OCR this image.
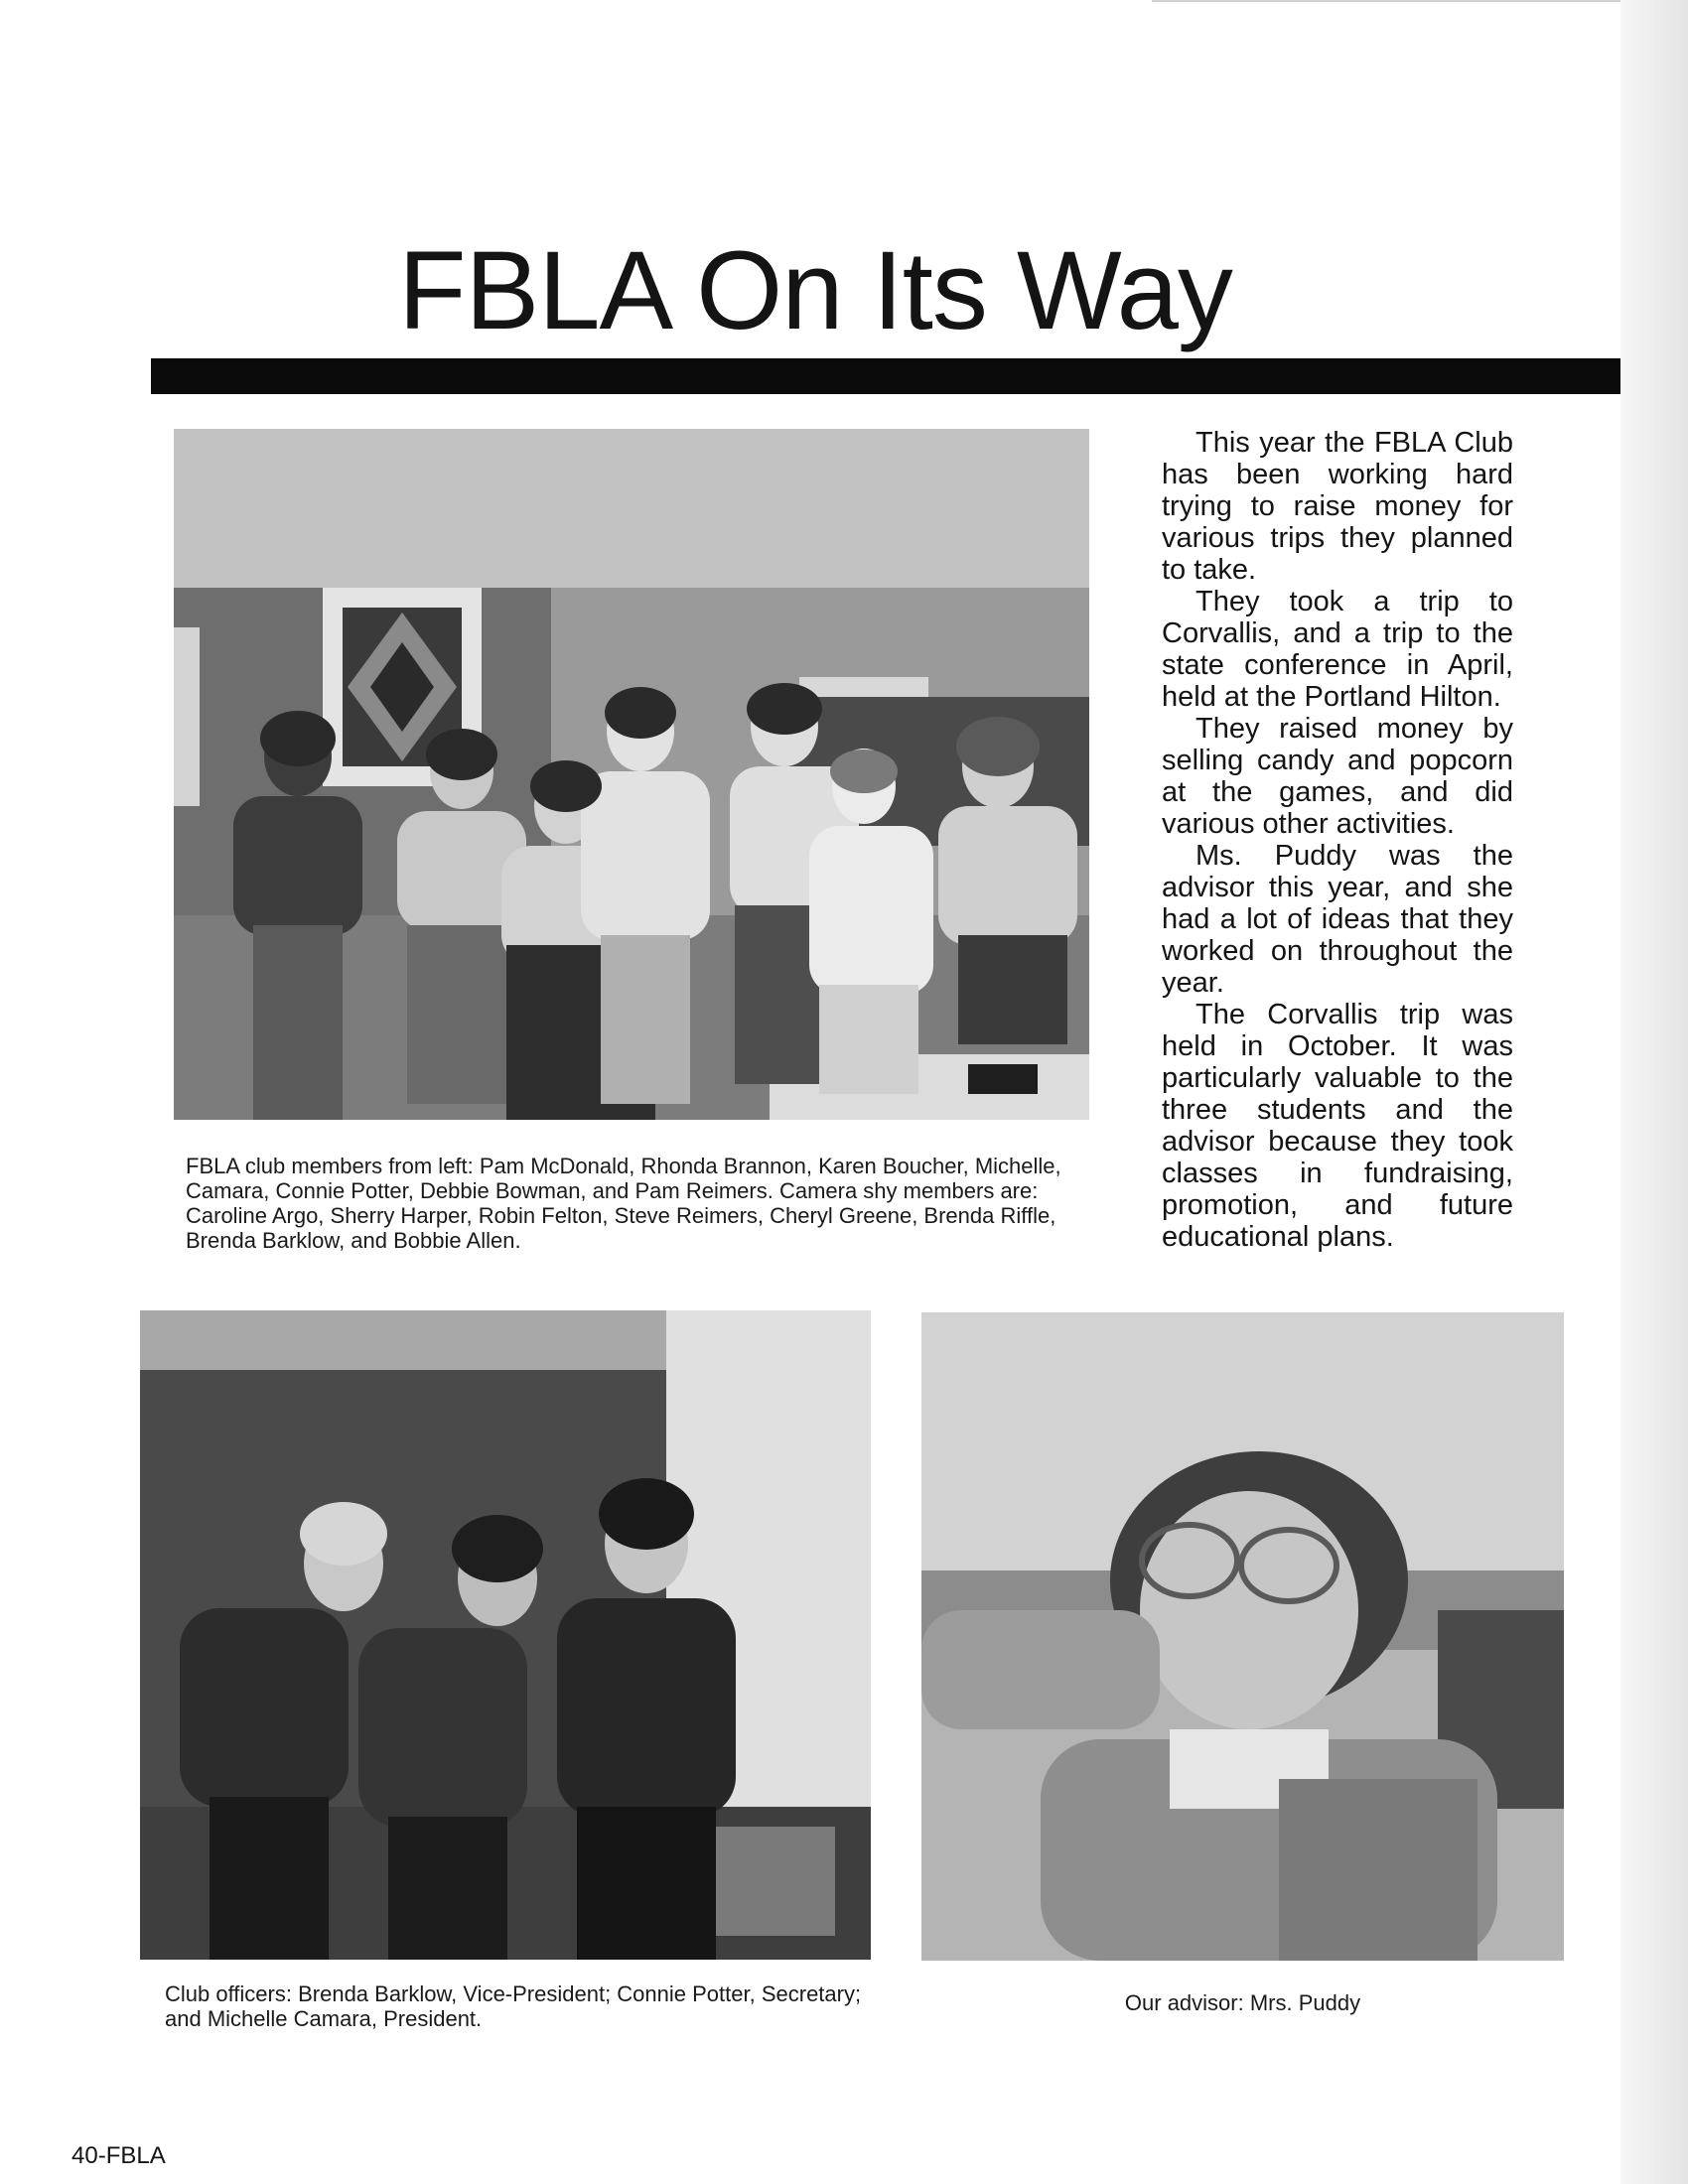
FBLA On Its Way

FBLA club members from left: Pam McDonald, Rhonda Brannon, Karen Boucher, Michelle, Camara, Connie Potter, Debbie Bowman, and Pam Reimers. Camera shy members are: Caroline Argo, Sherry Harper, Robin Felton, Steve Reimers, Cheryl Greene, Brenda Riffle, Brenda Barklow, and Bobbie Allen.

This year the FBLA Club has been working hard trying to raise money for various trips they planned to take.

They took a trip to Corvallis, and a trip to the state conference in April, held at the Portland Hilton.

They raised money by selling candy and popcorn at the games, and did various other activities.

Ms. Puddy was the advisor this year, and she had a lot of ideas that they worked on throughout the year.

The Corvallis trip was held in October. It was particularly valuable to the three students and the advisor because they took classes in fundraising, promotion, and future educational plans.

Club officers: Brenda Barklow, Vice-President; Connie Potter, Secretary; and Michelle Camara, President.

Our advisor: Mrs. Puddy

40-FBLA
